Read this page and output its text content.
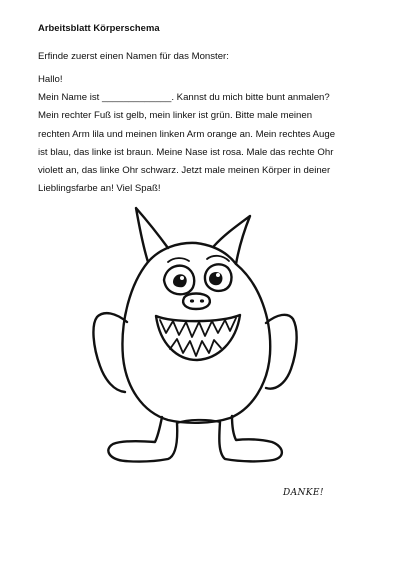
Arbeitsblatt Körperschema
Erfinde zuerst einen Namen für das Monster:
Hallo!
Mein Name ist _____________. Kannst du mich bitte bunt anmalen?
Mein rechter Fuß ist gelb, mein linker ist grün. Bitte male meinen
rechten Arm lila und meinen linken Arm orange an. Mein rechtes Auge
ist blau, das linke ist braun. Meine Nase ist rosa. Male das rechte Ohr
violett an, das linke Ohr schwarz. Jetzt male meinen Körper in deiner
Lieblingsfarbe an! Viel Spaß!
DANKE!
